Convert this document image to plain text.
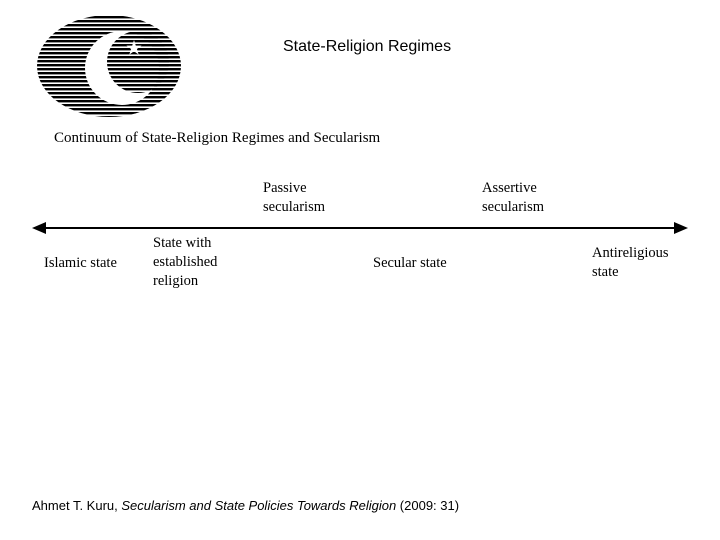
State-Religion Regimes
Continuum of State-Religion Regimes and Secularism
Passive
secularism
Assertive
secularism
Islamic state
State with
established
religion
Secular state
Antireligious
state
Ahmet T. Kuru, Secularism and State Policies Towards Religion (2009: 31)
